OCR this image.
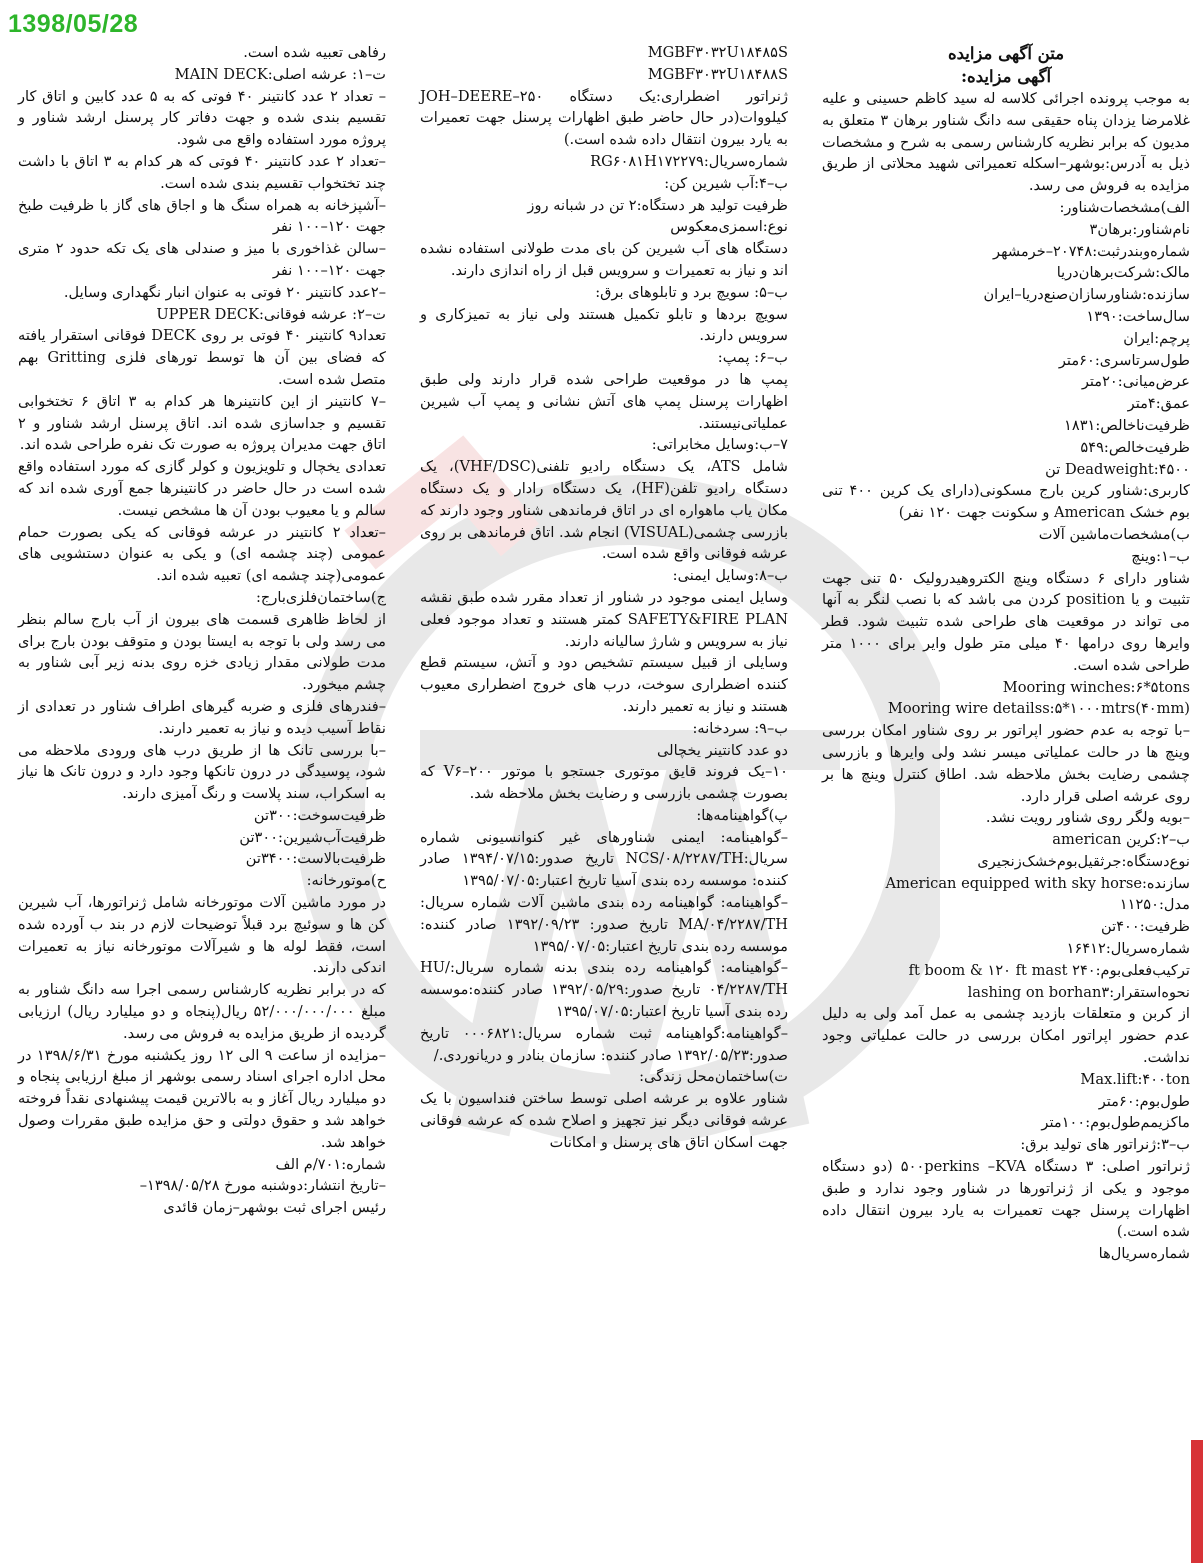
1398/05/28

متن آگهی مزایده

آگهی مزایده:

به موجب پرونده اجرائی کلاسه له سید کاظم حسینی و علیه غلامرضا یزدان پناه حقیقی سه دانگ شناور برهان ۳ متعلق به مدیون که برابر نظریه کارشناس رسمی به شرح و مشخصات ذیل به آدرس:بوشهر–اسکله تعمیراتی شهید محلاتی از طریق مزایده به فروش می رسد.

الف)مشخصات‌شناور:

نام‌شناور:برهان۳

شماره‌وبندرثبت:۲۰۷۴۸–خرمشهر

مالک:شرکت‌برهان‌دریا

سازنده:شناورسازان‌صنع‌دریا–ایران

سال‌ساخت:۱۳۹۰

پرچم:ایران

طول‌سرتاسری:۶۰متر

عرض‌میانی:۲۰متر

عمق:۴متر

ظرفیت‌ناخالص:۱۸۳۱

ظرفیت‌خالص:۵۴۹

Deadweight:۴۵۰۰ تن

کاربری:شناور کرین بارج مسکونی(دارای یک کرین ۴۰۰ تنی بوم خشک American و سکونت جهت ۱۲۰ نفر)

ب)مشخصات‌ماشین آلات

ب–۱:وینچ

شناور دارای ۶ دستگاه وینچ الکتروهیدرولیک ۵۰ تنی جهت تثبیت و یا position کردن می باشد که با نصب لنگر به آنها می تواند در موقعیت های طراحی شده تثبیت شود. قطر وایرها روی درامها ۴۰ میلی متر طول وایر برای ۱۰۰۰ متر طراحی شده است.

Mooring winches:۶*۵tons

Mooring wire detailss:۵*۱۰۰۰mtrs(۴۰mm)

–با توجه به عدم حضور اپراتور بر روی شناور امکان بررسی وینچ ها در حالت عملیاتی میسر نشد ولی وایرها و بازرسی چشمی رضایت بخش ملاحظه شد. اطاق کنترل وینچ ها بر روی عرشه اصلی قرار دارد.

–بویه ولگر روی شناور رویت نشد.

ب–۲:کرین american

نوع‌دستگاه:جرثقیل‌بوم‌خشک‌زنجیری

سازنده:American equipped with sky horse

مدل:۱۱۲۵۰

ظرفیت:۴۰۰تن

شماره‌سریال:۱۶۴۱۲

ترکیب‌فعلی‌بوم:۲۴۰ ft boom & ۱۲۰ ft mast

نحوه‌استقرار:lashing on borhan۳

از کربن و متعلقات بازدید چشمی به عمل آمد ولی به دلیل عدم حضور اپراتور امکان بررسی در حالت عملیاتی وجود نداشت.

Max.lift:۴۰۰ton

طول‌بوم:۶۰متر

ماکزیمم‌طول‌بوم:۱۰۰متر

ب–۳:ژنراتور های تولید برق:

ژنراتور اصلی: ۳ دستگاه ۵۰۰perkins –KVA (دو دستگاه موجود و یکی از ژنراتورها در شناور وجود ندارد و طبق اظهارات پرسنل جهت تعمیرات به یارد بیرون انتقال داده شده است.)

شماره‌سریال‌ها

MGBF۳۰۳۲U۱۸۴۸۵S

MGBF۳۰۳۲U۱۸۴۸۸S

ژنراتور اضطراری:یک دستگاه ۲۵۰–JOH–DEERE کیلووات(در حال حاضر طبق اظهارات پرسنل جهت تعمیرات به یارد بیرون انتقال داده شده است.)

شماره‌سریال:RG۶۰۸۱H۱۷۲۲۷۹

ب–۴:آب شیرین کن:

ظرفیت تولید هر دستگاه:۲ تن در شبانه روز

نوع:اسمزی‌معکوس

دستگاه های آب شیرین کن بای مدت طولانی استفاده نشده اند و نیاز به تعمیرات و سرویس قبل از راه اندازی دارند.

ب–۵: سویچ برد و تابلوهای برق:

سویچ بردها و تابلو تکمیل هستند ولی نیاز به تمیزکاری و سرویس دارند.

ب–۶: پمپ:

پمپ ها در موقعیت طراحی شده قرار دارند ولی طبق اظهارات پرسنل پمپ های آتش نشانی و پمپ آب شیرین عملیاتی‌نیستند.

۷–ب:وسایل مخابراتی:

شامل ATS، یک دستگاه رادیو تلفنی(VHF/DSC)، یک دستگاه رادیو تلفن(HF)، یک دستگاه رادار و یک دستگاه مکان یاب ماهواره ای در اتاق فرماندهی شناور وجود دارند که بازرسی چشمی(VISUAL) انجام شد. اتاق فرماندهی بر روی عرشه فوقانی واقع شده است.

ب–۸:وسایل ایمنی:

وسایل ایمنی موجود در شناور از تعداد مقرر شده طبق نقشه SAFETY&FIRE PLAN کمتر هستند و تعداد موجود فعلی نیاز به سرویس و شارژ سالیانه دارند.

وسایلی از قبیل سیستم تشخیص دود و آتش، سیستم قطع کننده اضطراری سوخت، درب های خروج اضطراری معیوب هستند و نیاز به تعمیر دارند.

ب–۹: سردخانه:

دو عدد کانتینر یخچالی

۱۰–یک فروند قایق موتوری جستجو با موتور ۲۰۰–V۶ که بصورت چشمی بازرسی و رضایت بخش ملاحظه شد.

پ)گواهینامه‌ها:

–گواهینامه: ایمنی شناورهای غیر کنوانسیونی شماره سریال:NCS/۰۸/۲۲۸۷/TH تاریخ صدور:۱۳۹۴/۰۷/۱۵ صادر کننده: موسسه رده بندی آسیا تاریخ اعتبار:۱۳۹۵/۰۷/۰۵

–گواهینامه: گواهینامه رده بندی ماشین آلات شماره سریال: MA/۰۴/۲۲۸۷/TH تاریخ صدور: ۱۳۹۲/۰۹/۲۳ صادر کننده: موسسه رده بندی تاریخ اعتبار:۱۳۹۵/۰۷/۰۵

–گواهینامه: گواهینامه رده بندی بدنه شماره سریال:HU/۰۴/۲۲۸۷/TH تاریخ صدور:۱۳۹۲/۰۵/۲۹ صادر کننده:موسسه رده بندی آسیا تاریخ اعتبار:۱۳۹۵/۰۷/۰۵

–گواهینامه:گواهینامه ثبت شماره سریال:۰۰۰۶۸۲۱ تاریخ صدور:۱۳۹۲/۰۵/۲۳ صادر کننده: سازمان بنادر و دریانوردی./

ت)ساختمان‌محل زندگی:

شناور علاوه بر عرشه اصلی توسط ساختن فنداسیون با یک عرشه فوقانی دیگر نیز تجهیز و اصلاح شده که عرشه فوقانی جهت اسکان اتاق های پرسنل و امکانات

رفاهی تعبیه شده است.

ت–۱: عرشه اصلی:MAIN DECK

– تعداد ۲ عدد کانتینر ۴۰ فوتی که به ۵ عدد کابین و اتاق کار تقسیم بندی شده و جهت دفاتر کار پرسنل ارشد شناور و پروژه مورد استفاده واقع می شود.

–تعداد ۲ عدد کانتینر ۴۰ فوتی که هر کدام به ۳ اتاق با داشت چند تختخواب تقسیم بندی شده است.

–آشپزخانه به همراه سنگ ها و اجاق های گاز با ظرفیت طبخ جهت ۱۲۰–۱۰۰ نفر

–سالن غذاخوری با میز و صندلی های یک تکه حدود ۲ متری جهت ۱۲۰–۱۰۰ نفر

–۲عدد کانتینر ۲۰ فوتی به عنوان انبار نگهداری وسایل.

ت–۲: عرشه فوقانی:UPPER DECK

تعداد۹ کانتینر ۴۰ فوتی بر روی DECK فوقانی استقرار یافته که فضای بین آن ها توسط تورهای فلزی Gritting بهم متصل شده است.

–۷ کانتینر از این کانتینرها هر کدام به ۳ اتاق ۶ تختخوابی تقسیم و جداسازی شده اند. اتاق پرسنل ارشد شناور و ۲ اتاق جهت مدیران پروژه به صورت تک نفره طراحی شده اند.

تعدادی یخچال و تلویزیون و کولر گازی که مورد استفاده واقع شده است در حال حاضر در کانتینرها جمع آوری شده اند که سالم و یا معیوب بودن آن ها مشخص نیست.

–تعداد ۲ کانتینر در عرشه فوقانی که یکی بصورت حمام عمومی (چند چشمه ای) و یکی به عنوان دستشویی های عمومی(چند چشمه ای) تعبیه شده اند.

ج)ساختمان‌فلزی‌بارج:

از لحاظ ظاهری قسمت های بیرون از آب بارج سالم بنظر می رسد ولی با توجه به ایستا بودن و متوقف بودن بارج برای مدت طولانی مقدار زیادی خزه روی بدنه زیر آبی شناور به چشم میخورد.

–فندرهای فلزی و ضربه گیرهای اطراف شناور در تعدادی از نقاط آسیب دیده و نیاز به تعمیر دارند.

–با بررسی تانک ها از طریق درب های ورودی ملاحظه می شود، پوسیدگی در درون تانکها وجود دارد و درون تانک ها نیاز به اسکراب، سند پلاست و رنگ آمیزی دارند.

ظرفیت‌سوخت:۳۰۰تن

ظرفیت‌آب‌شیرین:۳۰۰تن

ظرفیت‌بالاست:۳۴۰۰تن

ح)موتورخانه:

در مورد ماشین آلات موتورخانه شامل ژنراتورها، آب شیرین کن ها و سوئیچ برد قبلاً توضیحات لازم در بند ب آورده شده است، فقط لوله ها و شیرآلات موتورخانه نیاز به تعمیرات اندکی دارند.

که در برابر نظریه کارشناس رسمی اجرا سه دانگ شناور به مبلغ ۵۲/۰۰۰/۰۰۰/۰۰۰ ریال(پنجاه و دو میلیارد ریال) ارزیابی گردیده از طریق مزایده به فروش می رسد.

–مزایده از ساعت ۹ الی ۱۲ روز یکشنبه مورخ ۱۳۹۸/۶/۳۱ در محل اداره اجرای اسناد رسمی بوشهر از مبلغ ارزیابی پنجاه و دو میلیارد ریال آغاز و به بالاترین قیمت پیشنهادی نقداً فروخته خواهد شد و حقوق دولتی و حق مزایده طبق مقررات وصول خواهد شد.

شماره:۷۰۱/م الف

–تاریخ انتشار:دوشنبه مورخ ۱۳۹۸/۰۵/۲۸–

رئیس اجرای ثبت بوشهر–زمان قائدی
